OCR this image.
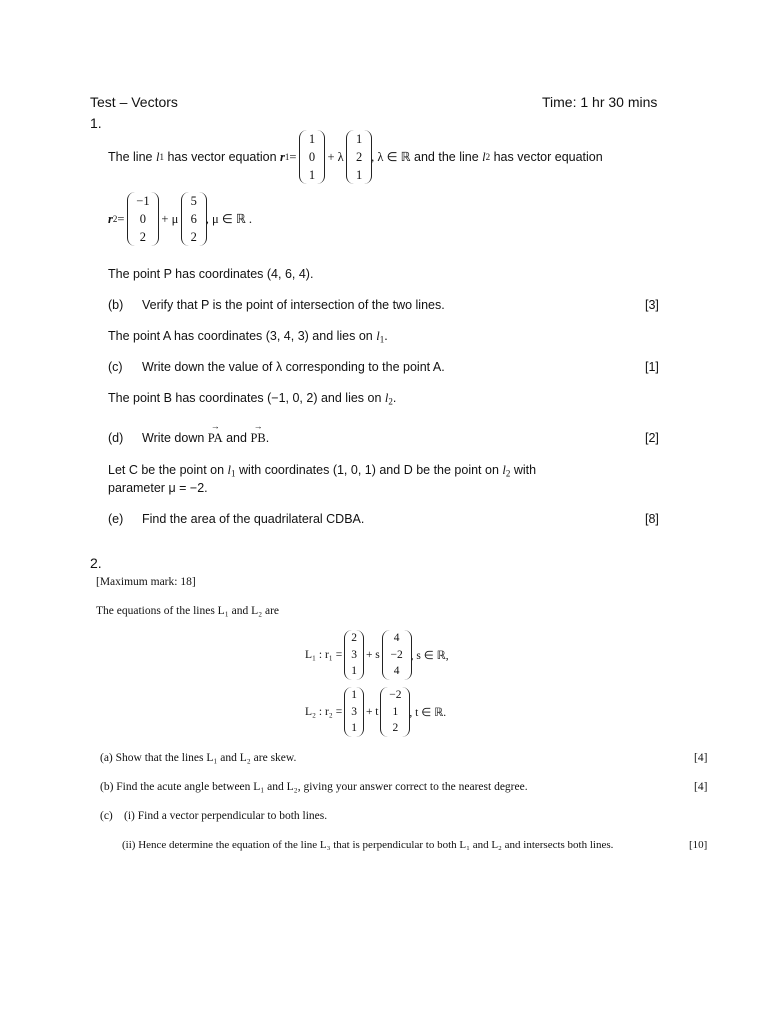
Test – Vectors	Time: 1 hr 30 mins
1.
The line
l 1
has vector equation
r 1 =

1
0
1

+ λ

1
2
1
, λ ∈ ℝ
and the line
l 2
has vector equation
r 2 =

−1
0
2

+ μ

5
6
2
, μ ∈ ℝ .
The point P has coordinates (4, 6, 4).
(b) Verify that P is the point of intersection of the two lines.	[3]
The point A has coordinates (3, 4, 3) and lies on $l_1$.
(c) Write down the value of λ corresponding to the point A.	[1]
The point B has coordinates (−1, 0, 2) and lies on $l_2$.
(d) Write down → PA and → PB.	[2]
Let C be the point on $l_1$ with coordinates (1, 0, 1) and D be the point on $l_2$ with
parameter μ = −2.
(e) Find the area of the quadrilateral CDBA.	[8]
2.
[Maximum mark: 18]
The equations of the lines L₁ and L₂ are
L₁ : r₁ =

2
3
1

+ s

4
−2
4
, s ∈ ℝ,
L₂ : r₂ =

1
3
1

+ t

−2
1
2
, t ∈ ℝ.
(a) Show that the lines L₁ and L₂ are skew.	[4]
(b) Find the acute angle between L₁ and L₂, giving your answer correct to the nearest degree.	[4]
(c) (i) Find a vector perpendicular to both lines.
(ii) Hence determine the equation of the line L₃ that is perpendicular to both L₁ and L₂ and intersects both lines.	[10]
